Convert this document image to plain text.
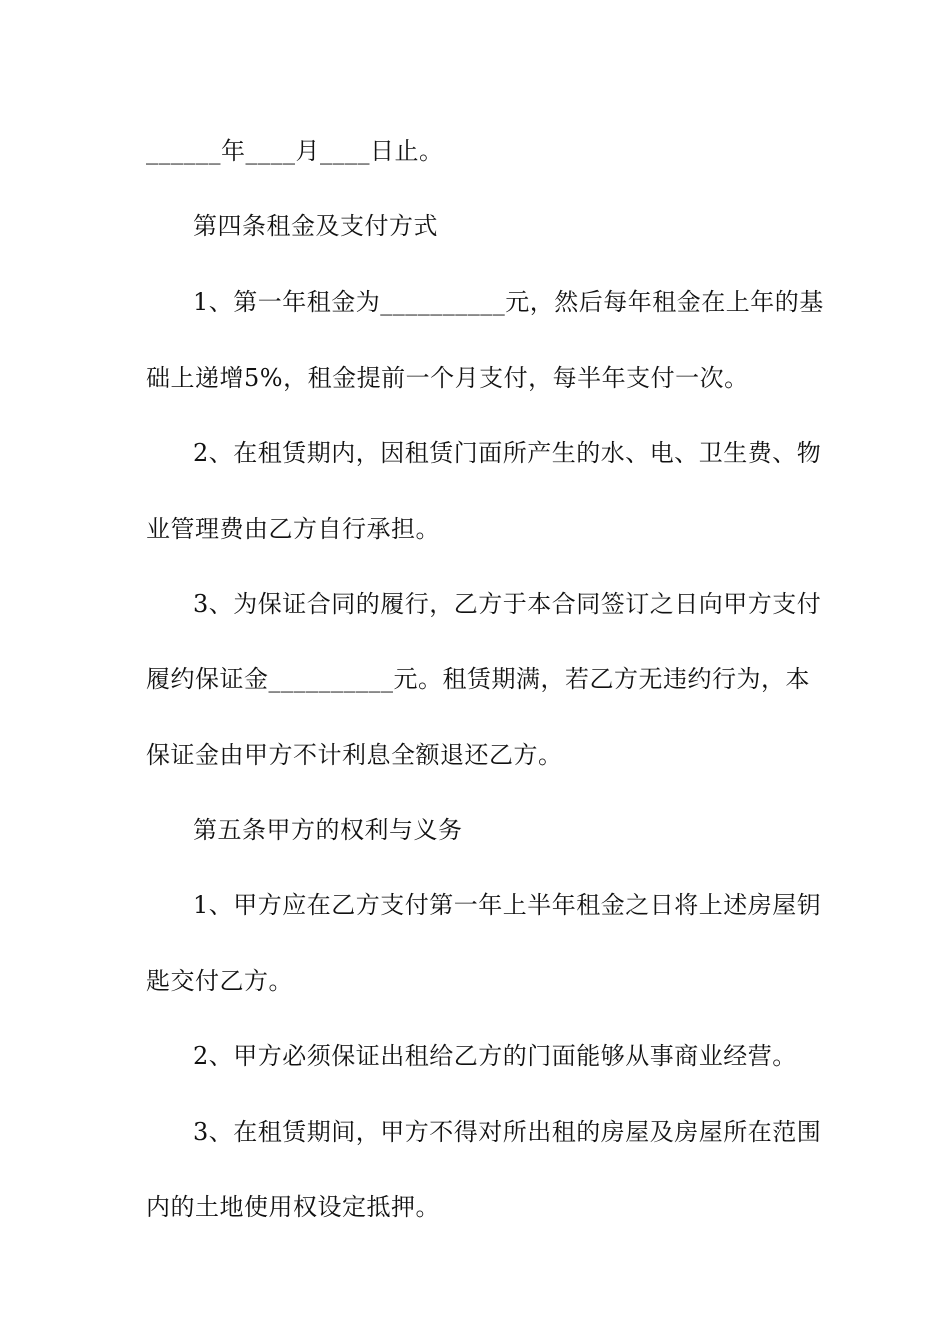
______年____月____日止。
第四条租金及支付方式
1、第一年租金为__________元，然后每年租金在上年的基
础上递增5%，租金提前一个月支付，每半年支付一次。
2、在租赁期内，因租赁门面所产生的水、电、卫生费、物
业管理费由乙方自行承担。
3、为保证合同的履行，乙方于本合同签订之日向甲方支付
履约保证金__________元。租赁期满，若乙方无违约行为，本
保证金由甲方不计利息全额退还乙方。
第五条甲方的权利与义务
1、甲方应在乙方支付第一年上半年租金之日将上述房屋钥
匙交付乙方。
2、甲方必须保证出租给乙方的门面能够从事商业经营。
3、在租赁期间，甲方不得对所出租的房屋及房屋所在范围
内的土地使用权设定抵押。
